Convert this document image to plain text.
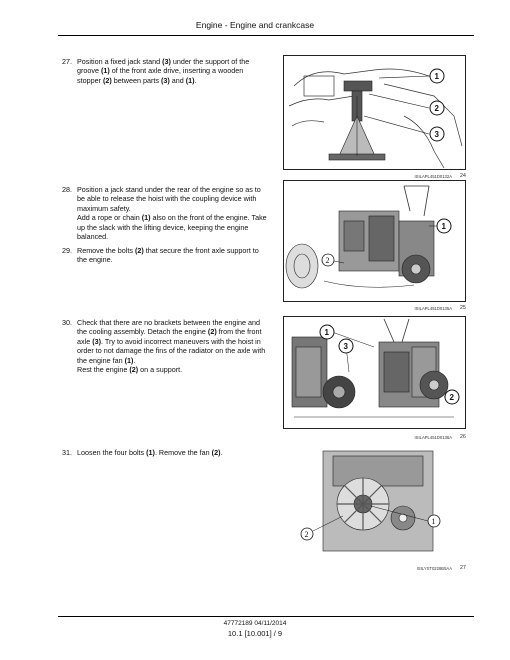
Engine - Engine and crankcase
27. Position a fixed jack stand (3) under the support of the groove (1) of the front axle drive, inserting a wooden stopper (2) between parts (3) and (1).

28. Position a jack stand under the rear of the engine so as to be able to release the hoist with the coupling device with maximum safety.

Add a rope or chain (1) also on the front of the engine. Take up the slack with the lifting device, keeping the engine balanced.

29. Remove the bolts (2) that secure the front axle support to the engine.

30. Check that there are no brackets between the engine and the cooling assembly. Detach the engine (2) from the front axle (3). Try to avoid incorrect maneuvers with the hoist in order to not damage the fins of the radiator on the axle with the engine fan (1).

Rest the engine (2) on a support.

31. Loosen the four bolts (1). Remove the fan (2).

1
2
3
ISILAPL451D0132A 24
1
2
ISILAPL451D0135A 25
1
3
2
ISILAPL451D0136A 26
2
1
ISILYST0228B5AA 27
47772189 04/11/2014
10.1 [10.001] / 9
